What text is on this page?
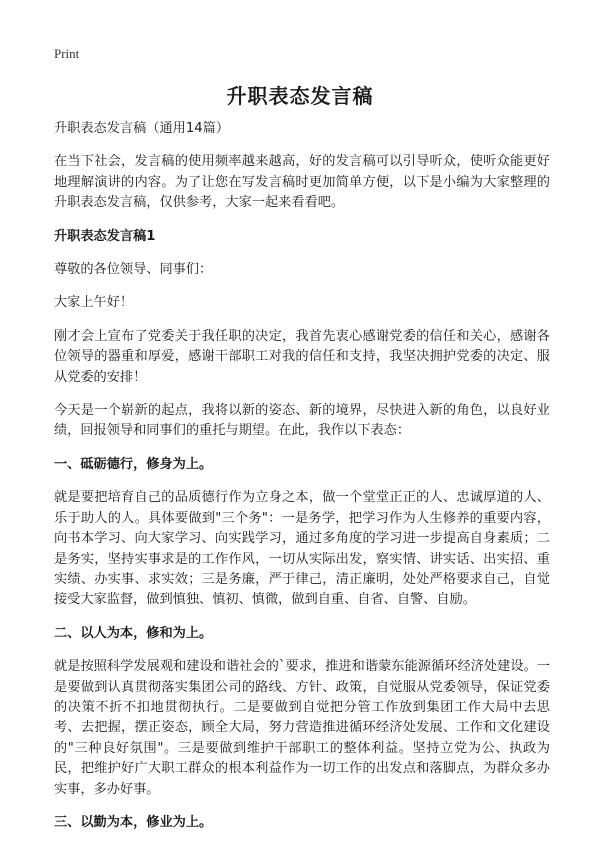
Print
升职表态发言稿

升职表态发言稿（通用14篇）

在当下社会，发言稿的使用频率越来越高，好的发言稿可以引导听众，使听众能更好地理解演讲的内容。为了让您在写发言稿时更加简单方便，以下是小编为大家整理的升职表态发言稿，仅供参考，大家一起来看看吧。

升职表态发言稿1

尊敬的各位领导、同事们：

大家上午好！

刚才会上宣布了党委关于我任职的决定，我首先衷心感谢党委的信任和关心，感谢各位领导的器重和厚爱，感谢干部职工对我的信任和支持，我坚决拥护党委的决定、服从党委的安排！

今天是一个崭新的起点，我将以新的姿态、新的境界，尽快进入新的角色，以良好业绩，回报领导和同事们的重托与期望。在此，我作以下表态：

一、砥砺德行，修身为上。

就是要把培育自己的品质德行作为立身之本，做一个堂堂正正的人、忠诚厚道的人、乐于助人的人。具体要做到"三个务"：一是务学，把学习作为人生修养的重要内容，向书本学习、向大家学习、向实践学习，通过多角度的学习进一步提高自身素质；二是务实，坚持实事求是的工作作风，一切从实际出发，察实情、讲实话、出实招、重实绩、办实事、求实效；三是务廉，严于律己，清正廉明，处处严格要求自己，自觉接受大家监督，做到慎独、慎初、慎微，做到自重、自省、自警、自励。

二、以人为本，修和为上。

就是按照科学发展观和建设和谐社会的`要求，推进和谐蒙东能源循环经济处建设。一是要做到认真贯彻落实集团公司的路线、方针、政策，自觉服从党委领导，保证党委的决策不折不扣地贯彻执行。二是要做到自觉把分管工作放到集团工作大局中去思考、去把握，摆正姿态，顾全大局，努力营造推进循环经济处发展、工作和文化建设的"三种良好氛围"。三是要做到维护干部职工的整体利益。坚持立党为公、执政为民，把维护好广大职工群众的根本利益作为一切工作的出发点和落脚点，为群众多办实事，多办好事。

三、以勤为本，修业为上。
